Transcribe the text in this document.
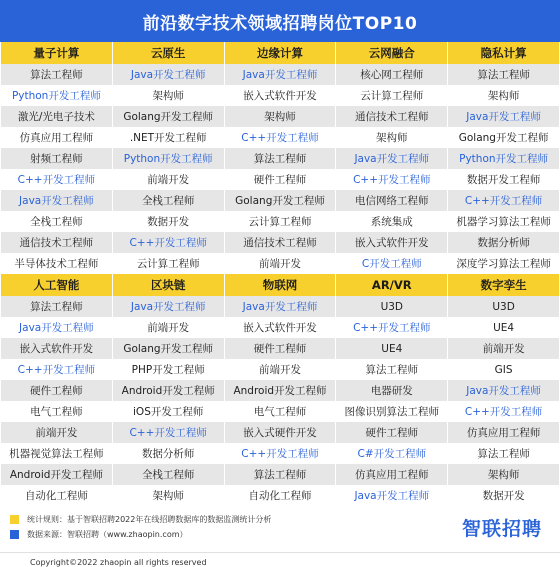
前沿数字技术领域招聘岗位TOP10
量子计算	云原生	边缘计算	云网融合	隐私计算
算法工程师	Java开发工程师	Java开发工程师	核心网工程师	算法工程师
Python开发工程师	架构师	嵌入式软件开发	云计算工程师	架构师
激光/光电子技术	Golang开发工程师	架构师	通信技术工程师	Java开发工程师
仿真应用工程师	.NET开发工程师	C++开发工程师	架构师	Golang开发工程师
射频工程师	Python开发工程师	算法工程师	Java开发工程师	Python开发工程师
C++开发工程师	前端开发	硬件工程师	C++开发工程师	数据开发工程师
Java开发工程师	全栈工程师	Golang开发工程师	电信网络工程师	C++开发工程师
全栈工程师	数据开发	云计算工程师	系统集成	机器学习算法工程师
通信技术工程师	C++开发工程师	通信技术工程师	嵌入式软件开发	数据分析师
半导体技术工程师	云计算工程师	前端开发	C开发工程师	深度学习算法工程师
人工智能	区块链	物联网	AR/VR	数字孪生
算法工程师	Java开发工程师	Java开发工程师	U3D	U3D
Java开发工程师	前端开发	嵌入式软件开发	C++开发工程师	UE4
嵌入式软件开发	Golang开发工程师	硬件工程师	UE4	前端开发
C++开发工程师	PHP开发工程师	前端开发	算法工程师	GIS
硬件工程师	Android开发工程师	Android开发工程师	电器研发	Java开发工程师
电气工程师	iOS开发工程师	电气工程师	图像识别算法工程师	C++开发工程师
前端开发	C++开发工程师	嵌入式硬件开发	硬件工程师	仿真应用工程师
机器视觉算法工程师	数据分析师	C++开发工程师	C#开发工程师	算法工程师
Android开发工程师	全栈工程师	算法工程师	仿真应用工程师	架构师
自动化工程师	架构师	自动化工程师	Java开发工程师	数据开发
统计规则：基于智联招聘2022年在线招聘数据库的数据监测统计分析
数据来源：智联招聘（www.zhaopin.com）	智联招聘
Copyright©2022 zhaopin all rights reserved
